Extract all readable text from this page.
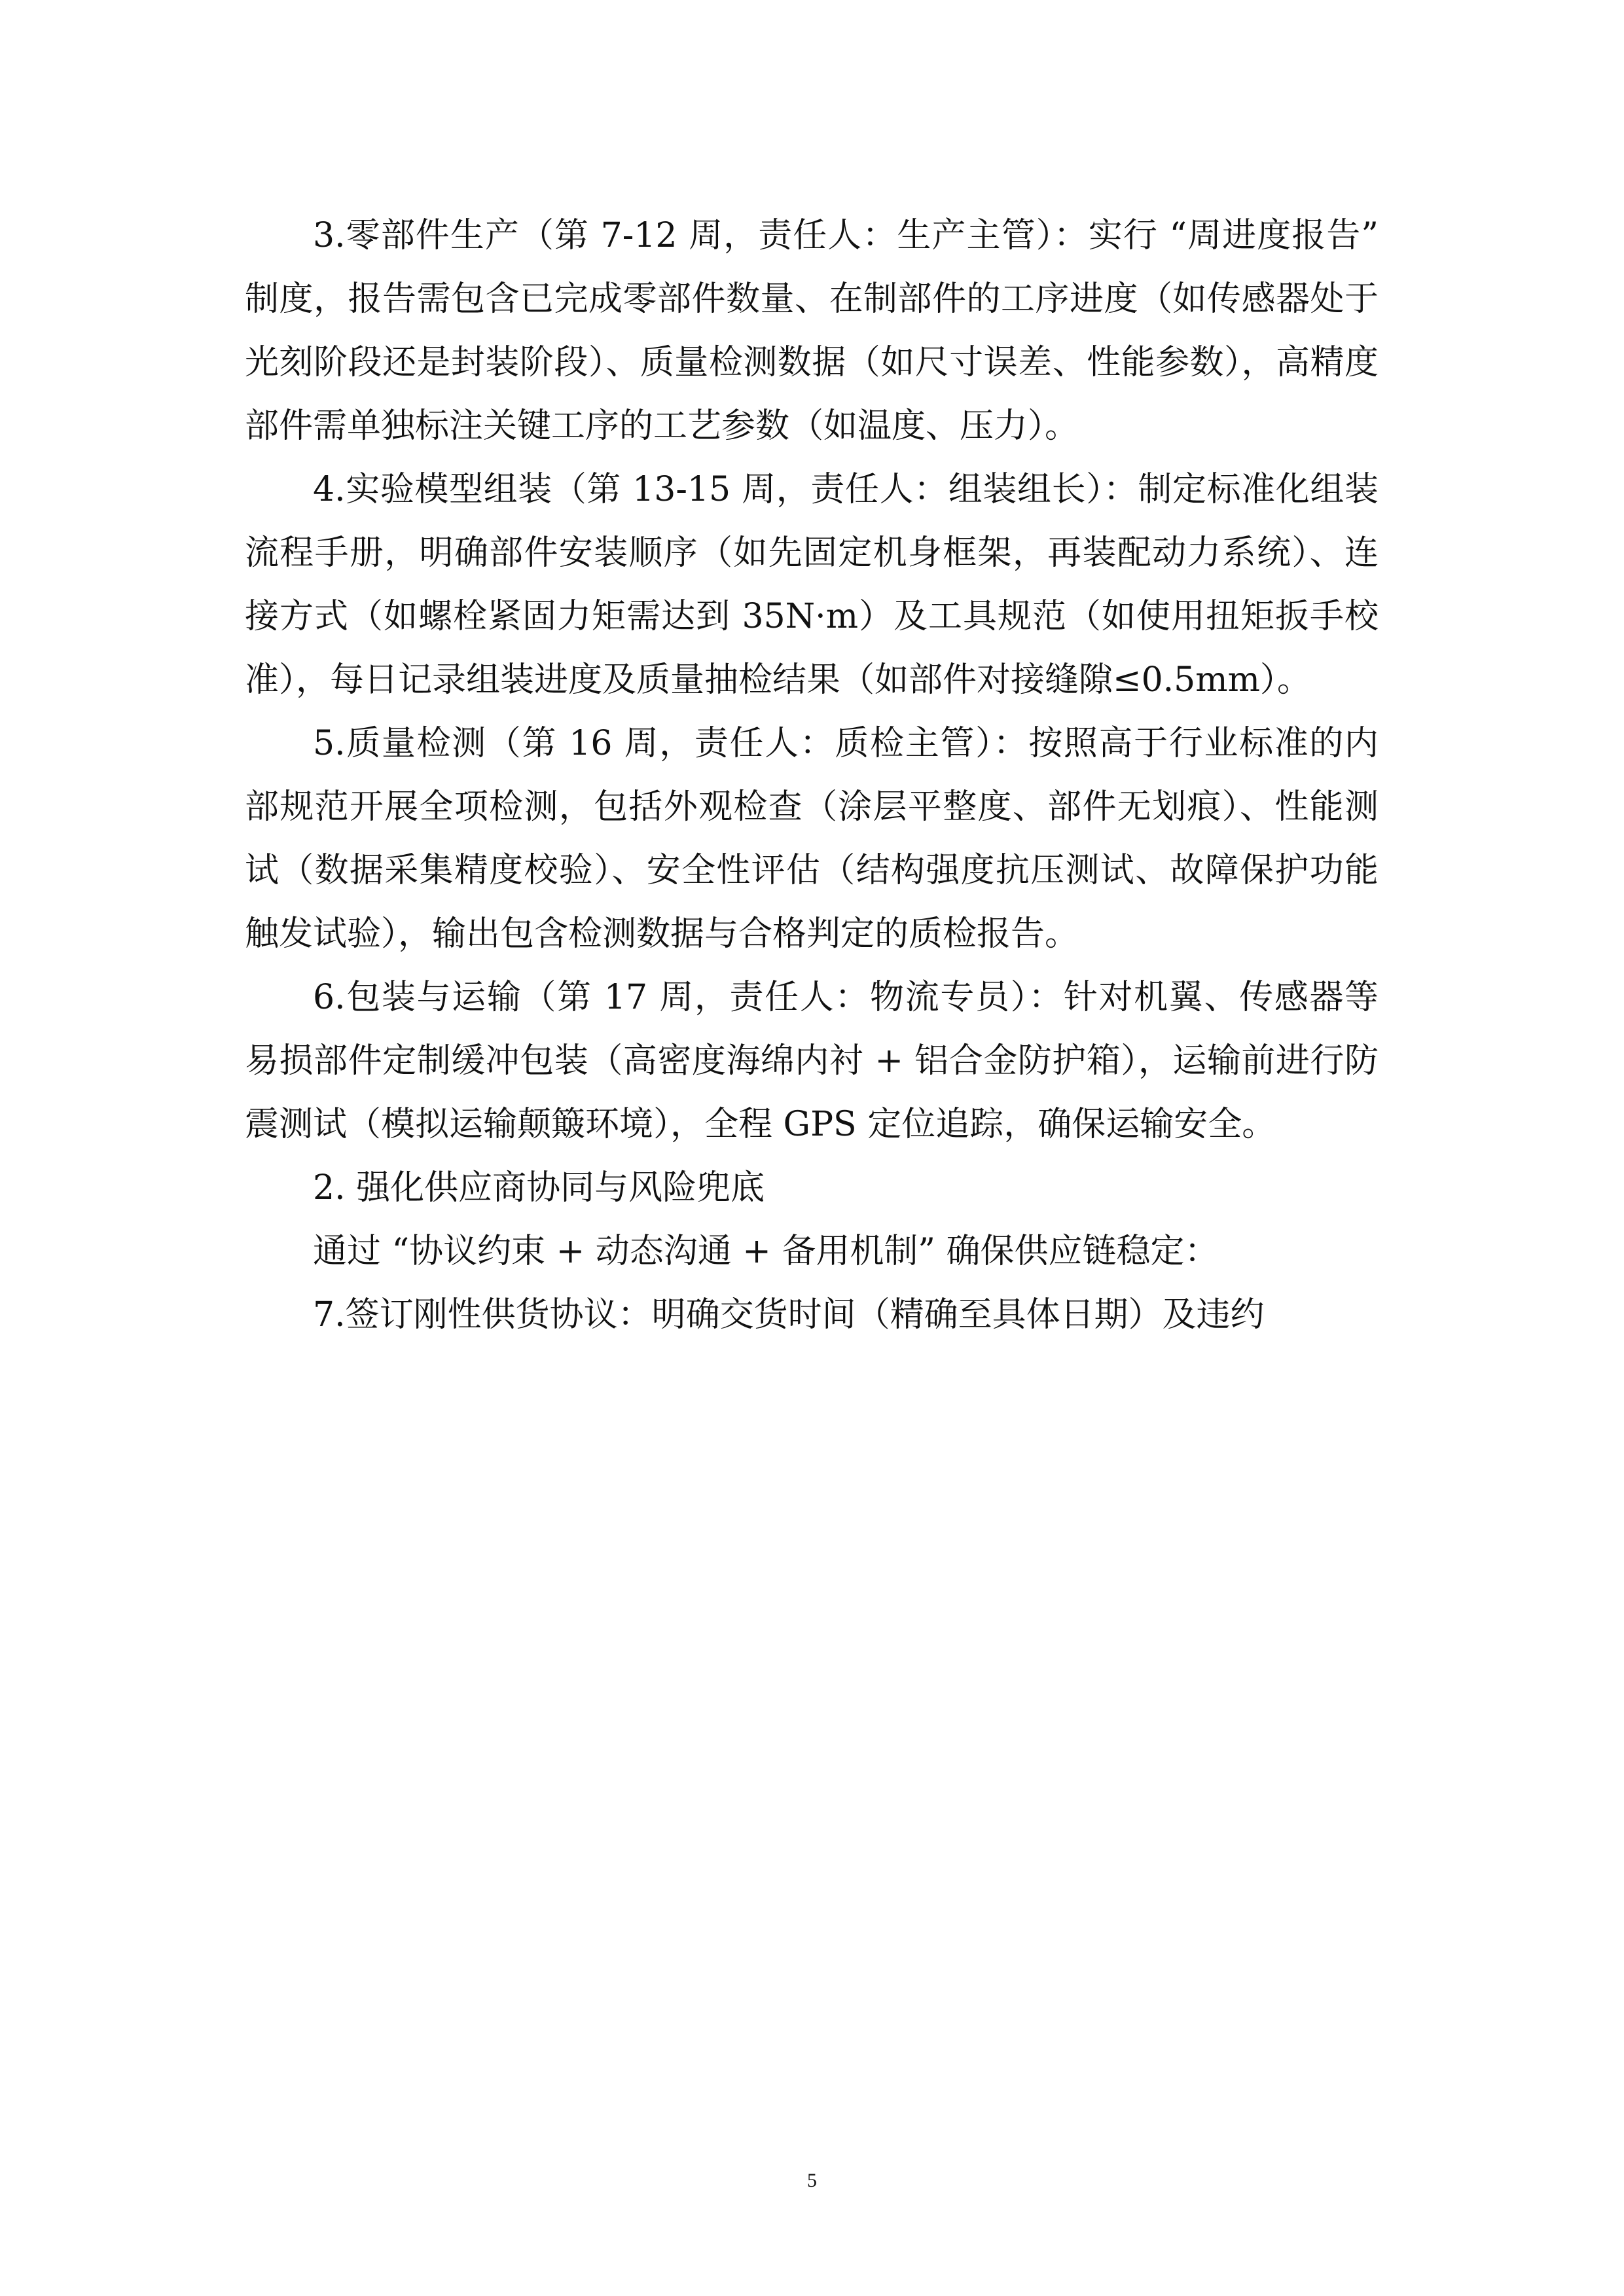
3.零部件生产（第 7-12 周，责任人：生产主管）：实行 “周进度报告” 制度，报告需包含已完成零部件数量、在制部件的工序进度（如传感器处于光刻阶段还是封装阶段）、质量检测数据（如尺寸误差、性能参数），高精度部件需单独标注关键工序的工艺参数（如温度、压力）。

4.实验模型组装（第 13-15 周，责任人：组装组长）：制定标准化组装流程手册，明确部件安装顺序（如先固定机身框架，再装配动力系统）、连接方式（如螺栓紧固力矩需达到 35N·m）及工具规范（如使用扭矩扳手校准），每日记录组装进度及质量抽检结果（如部件对接缝隙≤0.5mm）。

5.质量检测（第 16 周，责任人：质检主管）：按照高于行业标准的内部规范开展全项检测，包括外观检查（涂层平整度、部件无划痕）、性能测试（数据采集精度校验）、安全性评估（结构强度抗压测试、故障保护功能触发试验），输出包含检测数据与合格判定的质检报告。

6.包装与运输（第 17 周，责任人：物流专员）：针对机翼、传感器等易损部件定制缓冲包装（高密度海绵内衬 + 铝合金防护箱），运输前进行防震测试（模拟运输颠簸环境），全程 GPS 定位追踪，确保运输安全。

2. 强化供应商协同与风险兜底

通过 “协议约束 + 动态沟通 + 备用机制” 确保供应链稳定：

7.签订刚性供货协议：明确交货时间（精确至具体日期）及违约

5
